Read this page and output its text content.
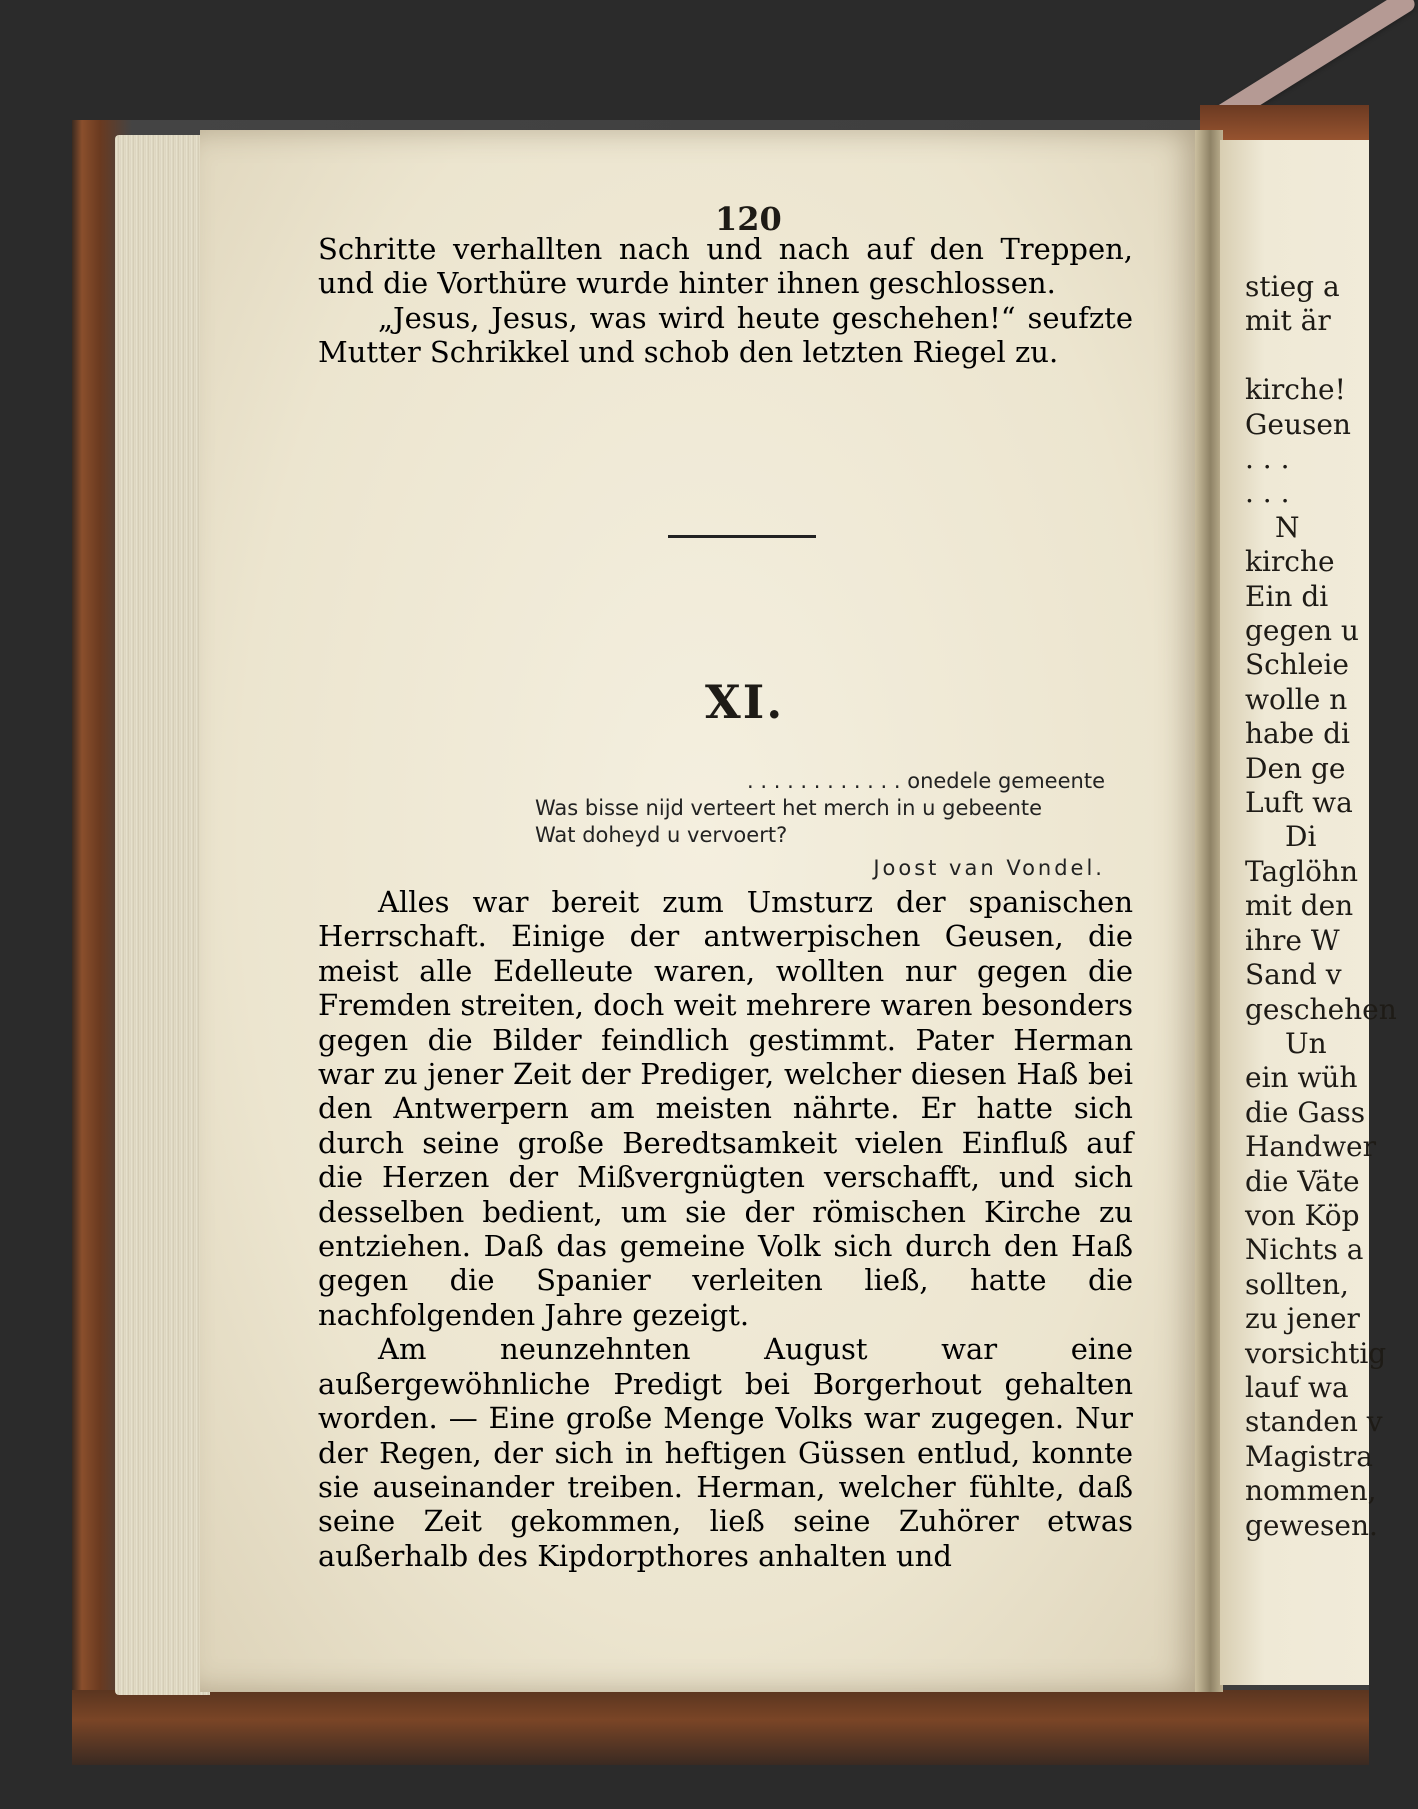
120

Schritte verhallten nach und nach auf den Treppen, und die Vorthüre wurde hinter ihnen geschlossen.

„Jesus, Jesus, was wird heute geschehen!“ seufzte Mutter Schrikkel und schob den letzten Riegel zu.

XI.
. . . . . . . . . . . . onedele gemeente
Was bisse nijd verteert het merch in u gebeente
Wat doheyd u vervoert?
Joost van Vondel.

Alles war bereit zum Umsturz der spanischen Herrschaft. Einige der antwerpischen Geusen, die meist alle Edelleute waren, wollten nur gegen die Fremden streiten, doch weit mehrere waren besonders gegen die Bilder feindlich gestimmt. Pater Herman war zu jener Zeit der Prediger, welcher diesen Haß bei den Antwerpern am meisten nährte. Er hatte sich durch seine große Beredtsamkeit vielen Einfluß auf die Herzen der Mißvergnügten verschafft, und sich desselben bedient, um sie der römischen Kirche zu entziehen. Daß das gemeine Volk sich durch den Haß gegen die Spanier verleiten ließ, hatte die nachfolgenden Jahre gezeigt.

Am neunzehnten August war eine außergewöhnliche Predigt bei Borgerhout gehalten worden. — Eine große Menge Volks war zugegen. Nur der Regen, der sich in heftigen Güssen entlud, konnte sie auseinander treiben. Herman, welcher fühlte, daß seine Zeit gekommen, ließ seine Zuhörer etwas außerhalb des Kipdorpthores anhalten und

stieg a
mit är
kirche!
Geusen
. . .
. . .
N
kirche
Ein di
gegen u
Schleie
wolle n
habe di
Den ge
Luft wa
Di
Taglöhn
mit den
ihre W
Sand v
geschehen
Un
ein wüh
die Gass
Handwer
die Väte
von Köp
Nichts a
sollten,
zu jener
vorsichtig
lauf wa
standen v
Magistra
nommen,
gewesen.
